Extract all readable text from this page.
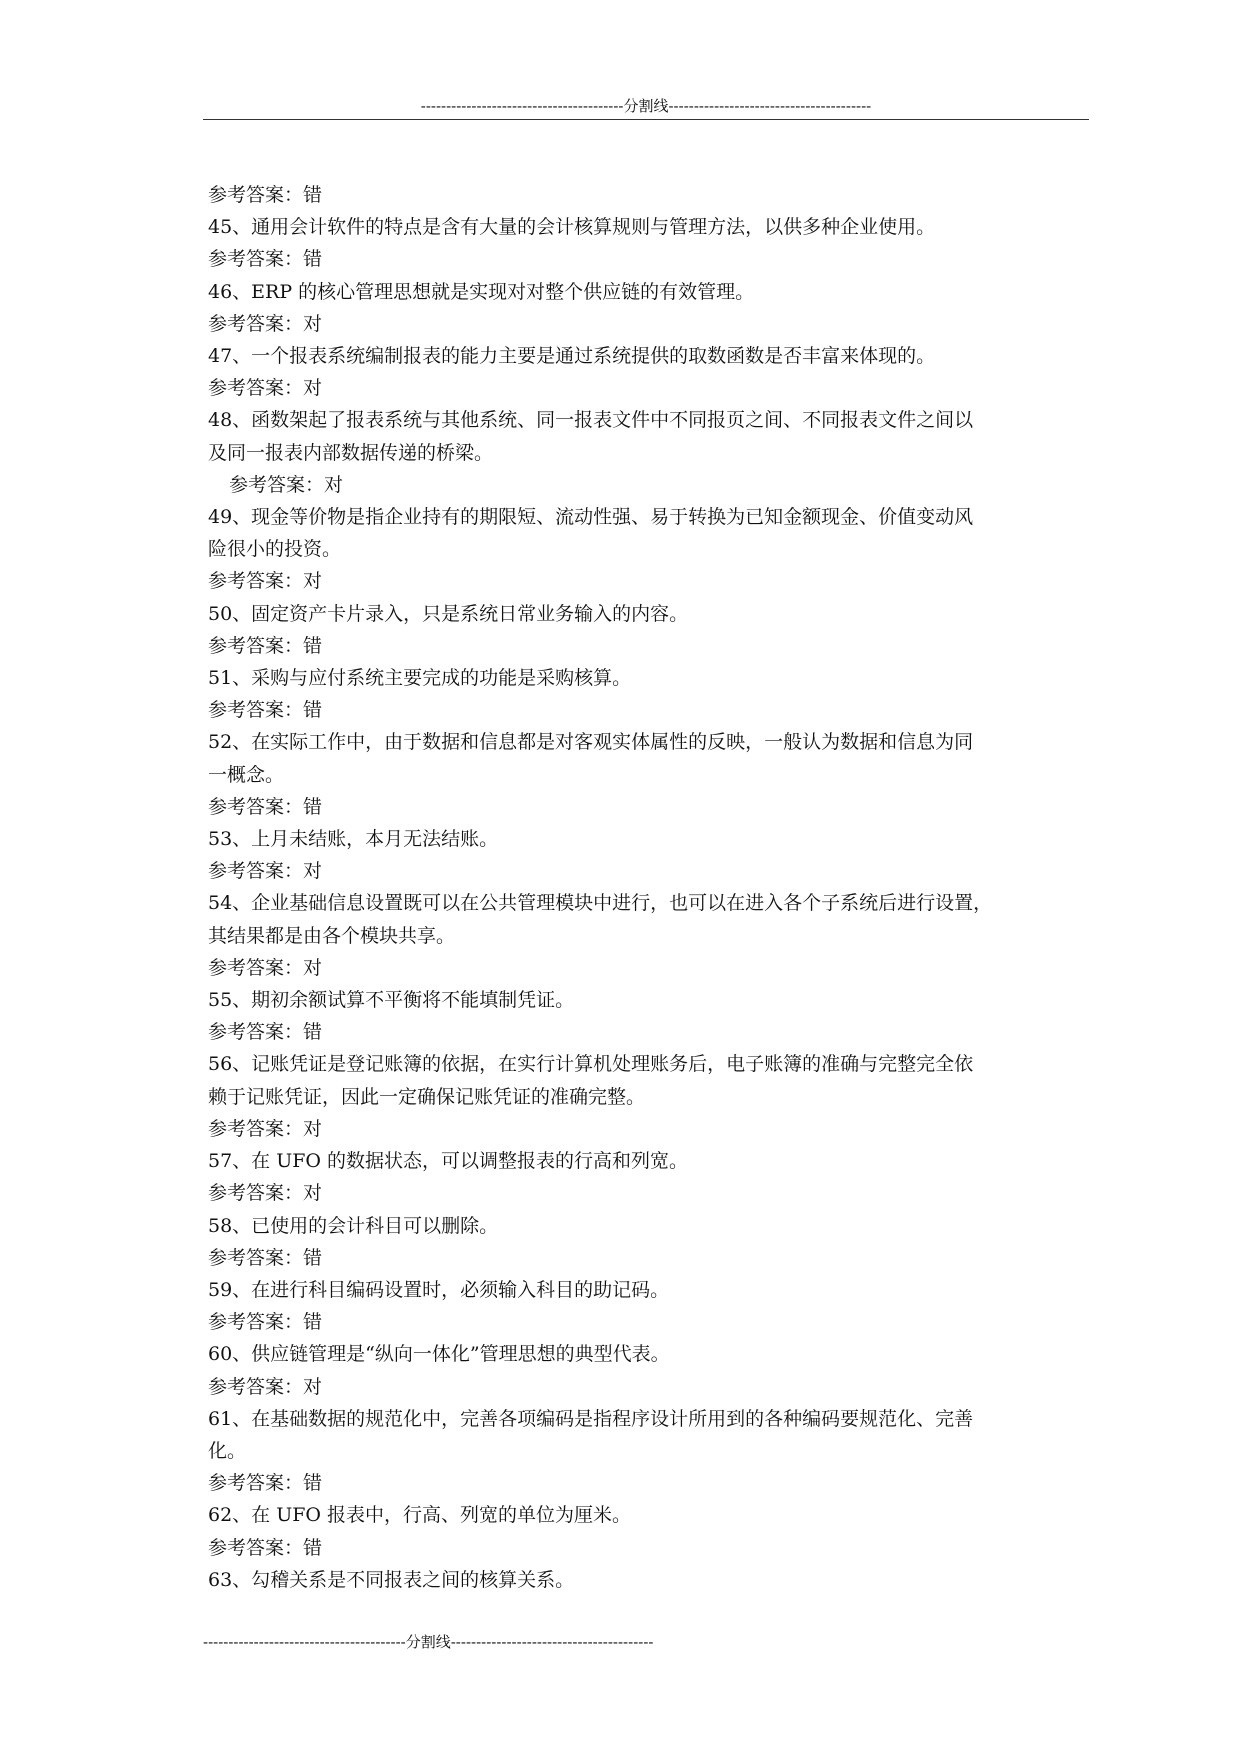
----------------------------------------分割线----------------------------------------
参考答案：错
45、通用会计软件的特点是含有大量的会计核算规则与管理方法，以供多种企业使用。
参考答案：错
46、ERP 的核心管理思想就是实现对对整个供应链的有效管理。
参考答案：对
47、一个报表系统编制报表的能力主要是通过系统提供的取数函数是否丰富来体现的。
参考答案：对
48、函数架起了报表系统与其他系统、同一报表文件中不同报页之间、不同报表文件之间以
及同一报表内部数据传递的桥梁。
参考答案：对
49、现金等价物是指企业持有的期限短、流动性强、易于转换为已知金额现金、价值变动风
险很小的投资。
参考答案：对
50、固定资产卡片录入，只是系统日常业务输入的内容。
参考答案：错
51、采购与应付系统主要完成的功能是采购核算。
参考答案：错
52、在实际工作中，由于数据和信息都是对客观实体属性的反映，一般认为数据和信息为同
一概念。
参考答案：错
53、上月未结账，本月无法结账。
参考答案：对
54、企业基础信息设置既可以在公共管理模块中进行，也可以在进入各个子系统后进行设置，
其结果都是由各个模块共享。
参考答案：对
55、期初余额试算不平衡将不能填制凭证。
参考答案：错
56、记账凭证是登记账簿的依据，在实行计算机处理账务后，电子账簿的准确与完整完全依
赖于记账凭证，因此一定确保记账凭证的准确完整。
参考答案：对
57、在 UFO 的数据状态，可以调整报表的行高和列宽。
参考答案：对
58、已使用的会计科目可以删除。
参考答案：错
59、在进行科目编码设置时，必须输入科目的助记码。
参考答案：错
60、供应链管理是“纵向一体化”管理思想的典型代表。
参考答案：对
61、在基础数据的规范化中，完善各项编码是指程序设计所用到的各种编码要规范化、完善
化。
参考答案：错
62、在 UFO 报表中，行高、列宽的单位为厘米。
参考答案：错
63、勾稽关系是不同报表之间的核算关系。
----------------------------------------分割线----------------------------------------
